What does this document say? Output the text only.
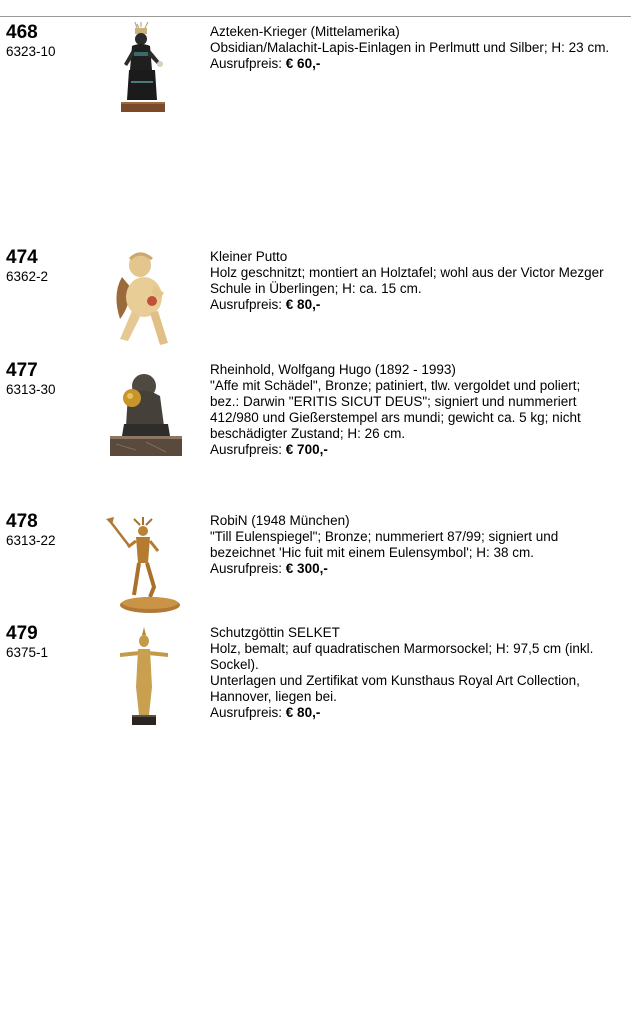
468
6323-10
Azteken-Krieger (Mittelamerika)
Obsidian/Malachit-Lapis-Einlagen in Perlmutt und Silber; H: 23 cm.
Ausrufpreis: € 60,-
474
6362-2
Kleiner Putto
Holz geschnitzt; montiert an Holztafel; wohl aus der Victor Mezger
Schule in Überlingen; H: ca. 15 cm.
Ausrufpreis: € 80,-
477
6313-30
Rheinhold, Wolfgang Hugo (1892 - 1993)
"Affe mit Schädel", Bronze; patiniert, tlw. vergoldet und poliert;
bez.: Darwin "ERITIS SICUT DEUS"; signiert und nummeriert
412/980 und Gießerstempel ars mundi; gewicht ca. 5 kg; nicht
beschädigter Zustand; H: 26 cm.
Ausrufpreis: € 700,-
478
6313-22
RobiN (1948 München)
"Till Eulenspiegel"; Bronze; nummeriert 87/99; signiert und
bezeichnet 'Hic fuit mit einem Eulensymbol'; H: 38 cm.
Ausrufpreis: € 300,-
479
6375-1
Schutzgöttin SELKET
Holz, bemalt; auf quadratischen Marmorsockel; H: 97,5 cm (inkl.
Sockel).
Unterlagen und Zertifikat vom Kunsthaus Royal Art Collection,
Hannover, liegen bei.
Ausrufpreis: € 80,-
